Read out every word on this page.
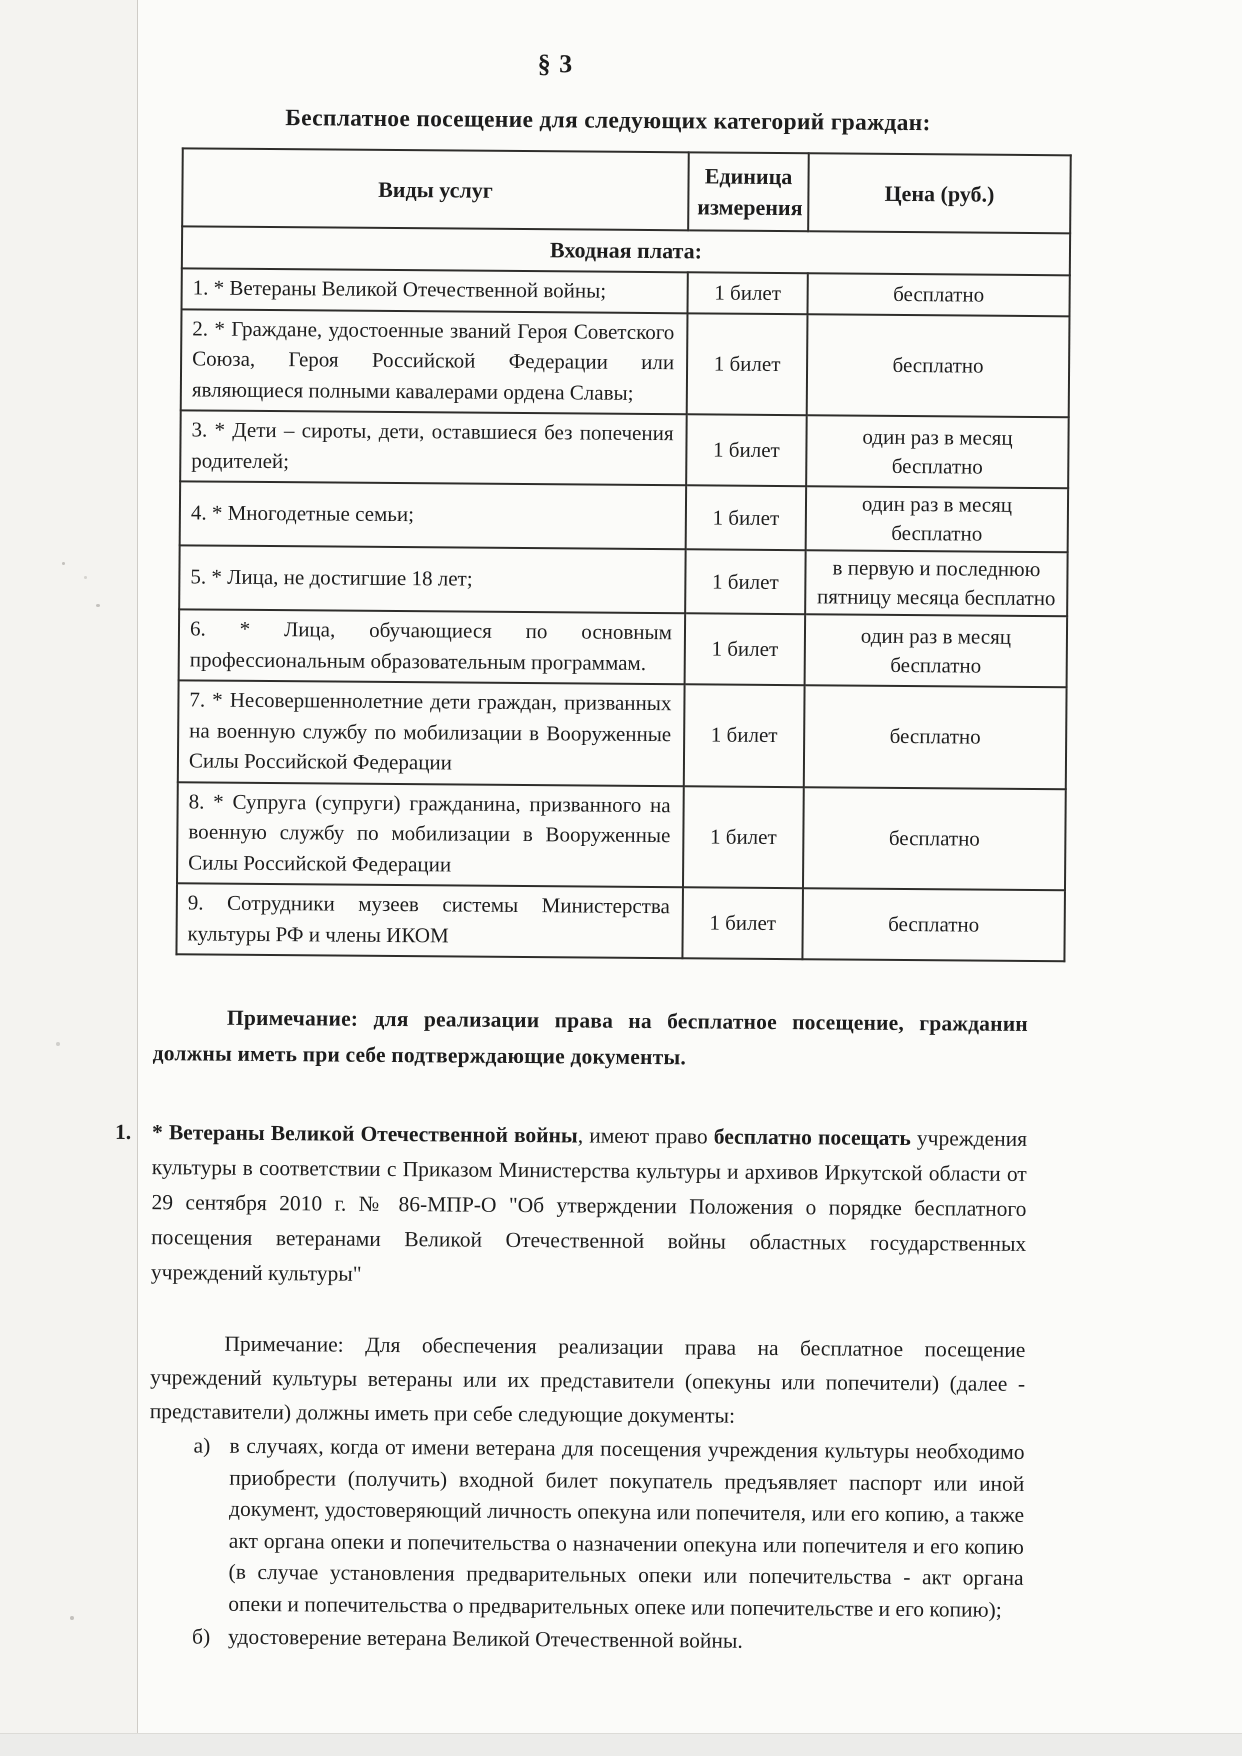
§ 3
Бесплатное посещение для следующих категорий граждан:
Виды услуг	Единица измерения	Цена (руб.)
Входная плата:		
1. * Ветераны Великой Отечественной войны;	1 билет	бесплатно
2. * Граждане, удостоенные званий Героя Советского Союза, Героя Российской Федерации или являющиеся полными кавалерами ордена Славы;	1 билет	бесплатно
3. * Дети – сироты, дети, оставшиеся без попечения родителей;	1 билет	один раз в месяц бесплатно
4. * Многодетные семьи;	1 билет	один раз в месяц бесплатно
5. * Лица, не достигшие 18 лет;	1 билет	в первую и последнюю пятницу месяца бесплатно
6. * Лица, обучающиеся по основным профессиональным образовательным программам.	1 билет	один раз в месяц бесплатно
7. * Несовершеннолетние дети граждан, призванных на военную службу по мобилизации в Вооруженные Силы Российской Федерации	1 билет	бесплатно
8. * Супруга (супруги) гражданина, призванного на военную службу по мобилизации в Вооруженные Силы Российской Федерации	1 билет	бесплатно
9. Сотрудники музеев системы Министерства культуры РФ и члены ИКОМ	1 билет	бесплатно
Примечание: для реализации права на бесплатное посещение, гражданин должны иметь при себе подтверждающие документы.
1. * Ветераны Великой Отечественной войны, имеют право бесплатно посещать учреждения культуры в соответствии с Приказом Министерства культуры и архивов Иркутской области от 29 сентября 2010 г. № 86-МПР-О "Об утверждении Положения о порядке бесплатного посещения ветеранами Великой Отечественной войны областных государственных учреждений культуры"
Примечание: Для обеспечения реализации права на бесплатное посещение учреждений культуры ветераны или их представители (опекуны или попечители) (далее - представители) должны иметь при себе следующие документы:
а) в случаях, когда от имени ветерана для посещения учреждения культуры необходимо приобрести (получить) входной билет покупатель предъявляет паспорт или иной документ, удостоверяющий личность опекуна или попечителя, или его копию, а также акт органа опеки и попечительства о назначении опекуна или попечителя и его копию (в случае установления предварительных опеки или попечительства - акт органа опеки и попечительства о предварительных опеке или попечительстве и его копию);
б) удостоверение ветерана Великой Отечественной войны.
